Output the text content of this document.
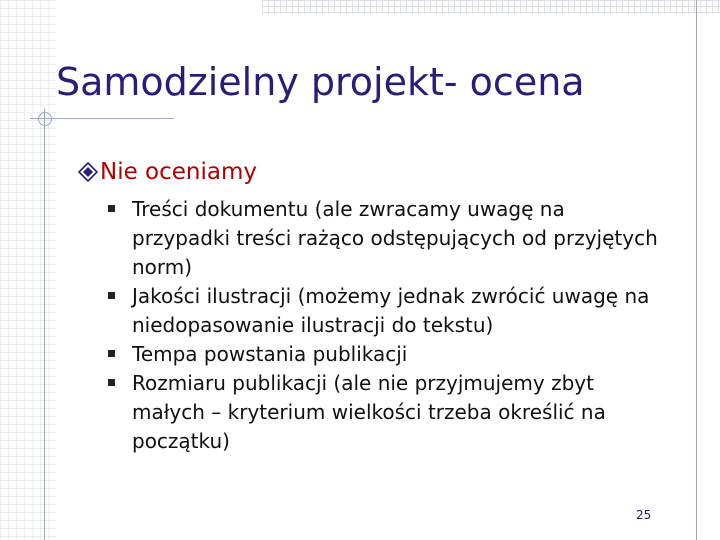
Samodzielny projekt- ocena
Nie oceniamy
Treści dokumentu (ale zwracamy uwagę na przypadki treści rażąco odstępujących od przyjętych norm)
Jakości ilustracji (możemy jednak zwrócić uwagę na niedopasowanie ilustracji do tekstu)
Tempa powstania publikacji
Rozmiaru publikacji (ale nie przyjmujemy zbyt małych – kryterium wielkości trzeba określić na początku)
25
